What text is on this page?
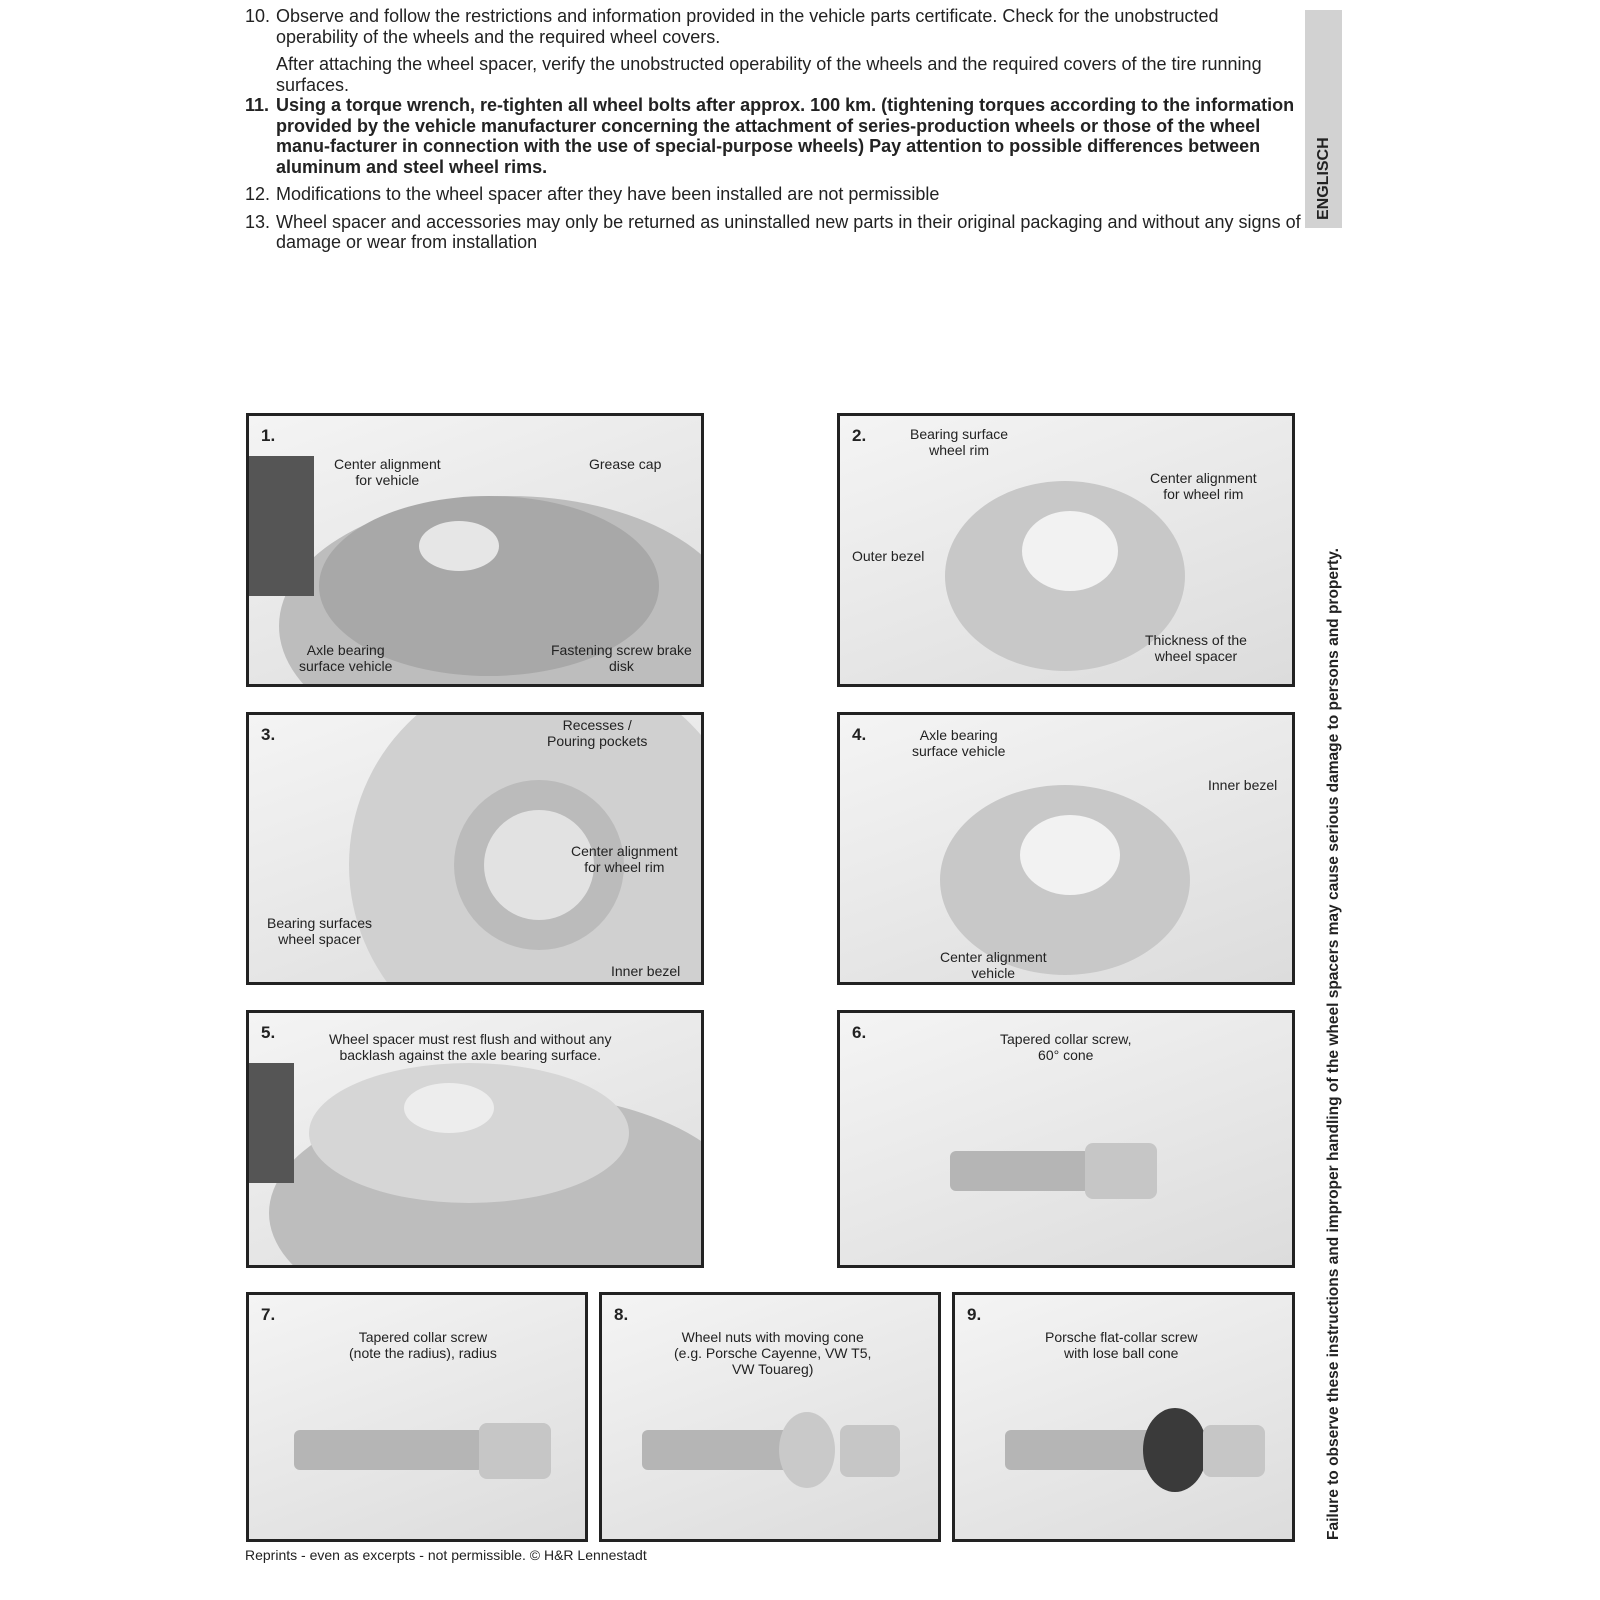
10. Observe and follow the restrictions and information provided in the vehicle parts certificate. Check for the unobstructed operability of the wheels and the required wheel covers.
After attaching the wheel spacer, verify the unobstructed operability of the wheels and the required covers of the tire running surfaces.
11. Using a torque wrench, re-tighten all wheel bolts after approx. 100 km. (tightening torques according to the information provided by the vehicle manufacturer concerning the attachment of series-production wheels or those of the wheel manu-facturer in connection with the use of special-purpose wheels) Pay attention to possible differences between aluminum and steel wheel rims.
12. Modifications to the wheel spacer after they have been installed are not permissible
13. Wheel spacer and accessories may only be returned as uninstalled new parts in their original packaging and without any signs of damage or wear from installation
ENGLISCH
Failure to observe these instructions and improper handling of the wheel spacers may cause serious damage to persons and property.
1.
Center alignment
for vehicle
Grease cap
Axle bearing
surface vehicle
Fastening screw brake
disk
2.	Bearing surface
wheel rim
Center alignment
for wheel rim
Outer bezel
Thickness of the
wheel spacer
3.	Recesses /
Pouring pockets
Center alignment
for wheel rim
Bearing surfaces
wheel spacer
Inner bezel
4.	Axle bearing
surface vehicle
Inner bezel
Center alignment
vehicle
5.	Wheel spacer must rest flush and without any
backlash against the axle bearing surface.
6.	Tapered collar screw,
60° cone
7.
Tapered collar screw
(note the radius), radius
8.
Wheel nuts with moving cone
(e.g. Porsche Cayenne, VW T5,
VW Touareg)
9.
Porsche flat-collar screw
with lose ball cone
Reprints - even as excerpts - not permissible. © H&R Lennestadt
